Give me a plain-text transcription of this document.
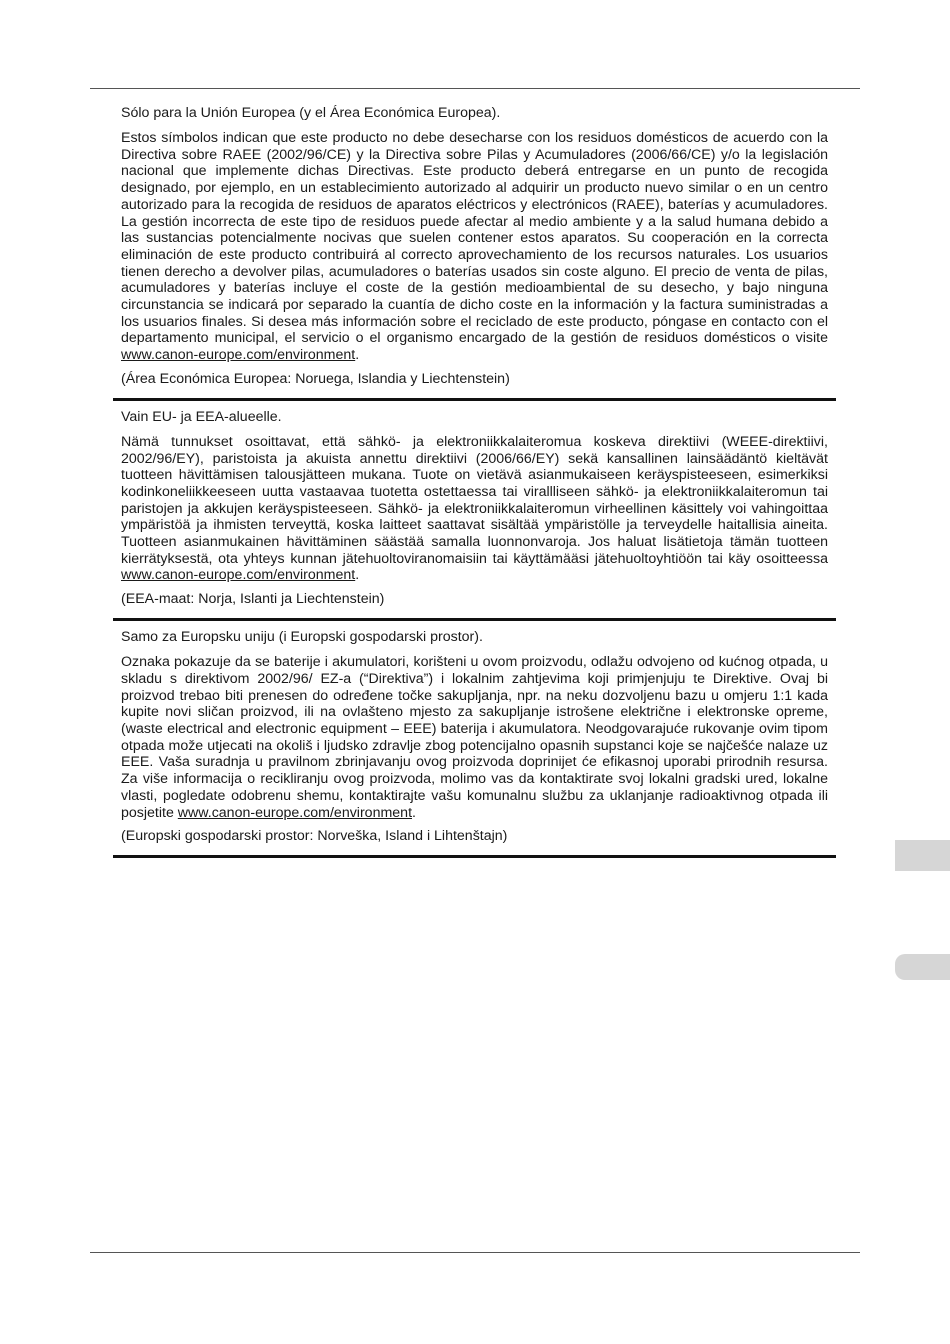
Sólo para la Unión Europea (y el Área Económica Europea).

Estos símbolos indican que este producto no debe desecharse con los residuos domésticos de acuerdo con la Directiva sobre RAEE (2002/96/CE) y la Directiva sobre Pilas y Acumuladores (2006/66/CE) y/o la legislación nacional que implemente dichas Directivas. Este producto deberá entregarse en un punto de recogida designado, por ejemplo, en un establecimiento autorizado al adquirir un producto nuevo similar o en un centro autorizado para la recogida de residuos de aparatos eléctricos y electrónicos (RAEE), baterías y acumuladores. La gestión incorrecta de este tipo de residuos puede afectar al medio ambiente y a la salud humana debido a las sustancias potencialmente nocivas que suelen contener estos aparatos. Su cooperación en la correcta eliminación de este producto contribuirá al correcto aprovechamiento de los recursos naturales. Los usuarios tienen derecho a devolver pilas, acumuladores o baterías usados sin coste alguno. El precio de venta de pilas, acumuladores y baterías incluye el coste de la gestión medioambiental de su desecho, y bajo ninguna circunstancia se indicará por separado la cuantía de dicho coste en la información y la factura suministradas a los usuarios finales. Si desea más información sobre el reciclado de este producto, póngase en contacto con el departamento municipal, el servicio o el organismo encargado de la gestión de residuos domésticos o visite www.canon-europe.com/environment.

(Área Económica Europea: Noruega, Islandia y Liechtenstein)

Vain EU- ja EEA-alueelle.

Nämä tunnukset osoittavat, että sähkö- ja elektroniikkalaiteromua koskeva direktiivi (WEEE-direktiivi, 2002/96/EY), paristoista ja akuista annettu direktiivi (2006/66/EY) sekä kansallinen lainsäädäntö kieltävät tuotteen hävittämisen talousjätteen mukana. Tuote on vietävä asianmukaiseen keräyspisteeseen, esimerkiksi kodinkoneliikkeeseen uutta vastaavaa tuotetta ostettaessa tai virallliseen sähkö- ja elektroniikkalaiteromun tai paristojen ja akkujen keräyspisteeseen. Sähkö- ja elektroniikkalaiteromun virheellinen käsittely voi vahingoittaa ympäristöä ja ihmisten terveyttä, koska laitteet saattavat sisältää ympäristölle ja terveydelle haitallisia aineita. Tuotteen asianmukainen hävittäminen säästää samalla luonnonvaroja. Jos haluat lisätietoja tämän tuotteen kierrätyksestä, ota yhteys kunnan jätehuoltoviranomaisiin tai käyttämääsi jätehuoltoyhtiöön tai käy osoitteessa www.canon-europe.com/environment.

(EEA-maat: Norja, Islanti ja Liechtenstein)

Samo za Europsku uniju (i Europski gospodarski prostor).

Oznaka pokazuje da se baterije i akumulatori, korišteni u ovom proizvodu, odlažu odvojeno od kućnog otpada, u skladu s direktivom 2002/96/ EZ-a (“Direktiva”) i lokalnim zahtjevima koji primjenjuju te Direktive. Ovaj bi proizvod trebao biti prenesen do određene točke sakupljanja, npr. na neku dozvoljenu bazu u omjeru 1:1 kada kupite novi sličan proizvod, ili na ovlašteno mjesto za sakupljanje istrošene električne i elektronske opreme, (waste electrical and electronic equipment – EEE) baterija i akumulatora. Neodgovarajuće rukovanje ovim tipom otpada može utjecati na okoliš i ljudsko zdravlje zbog potencijalno opasnih supstanci koje se najčešće nalaze uz EEE. Vaša suradnja u pravilnom zbrinjavanju ovog proizvoda doprinijet će efikasnoj uporabi prirodnih resursa. Za više informacija o recikliranju ovog proizvoda, molimo vas da kontaktirate svoj lokalni gradski ured, lokalne vlasti, pogledate odobrenu shemu, kontaktirajte vašu komunalnu službu za uklanjanje radioaktivnog otpada ili posjetite www.canon-europe.com/environment.

(Europski gospodarski prostor: Norveška, Island i Lihtenštajn)
